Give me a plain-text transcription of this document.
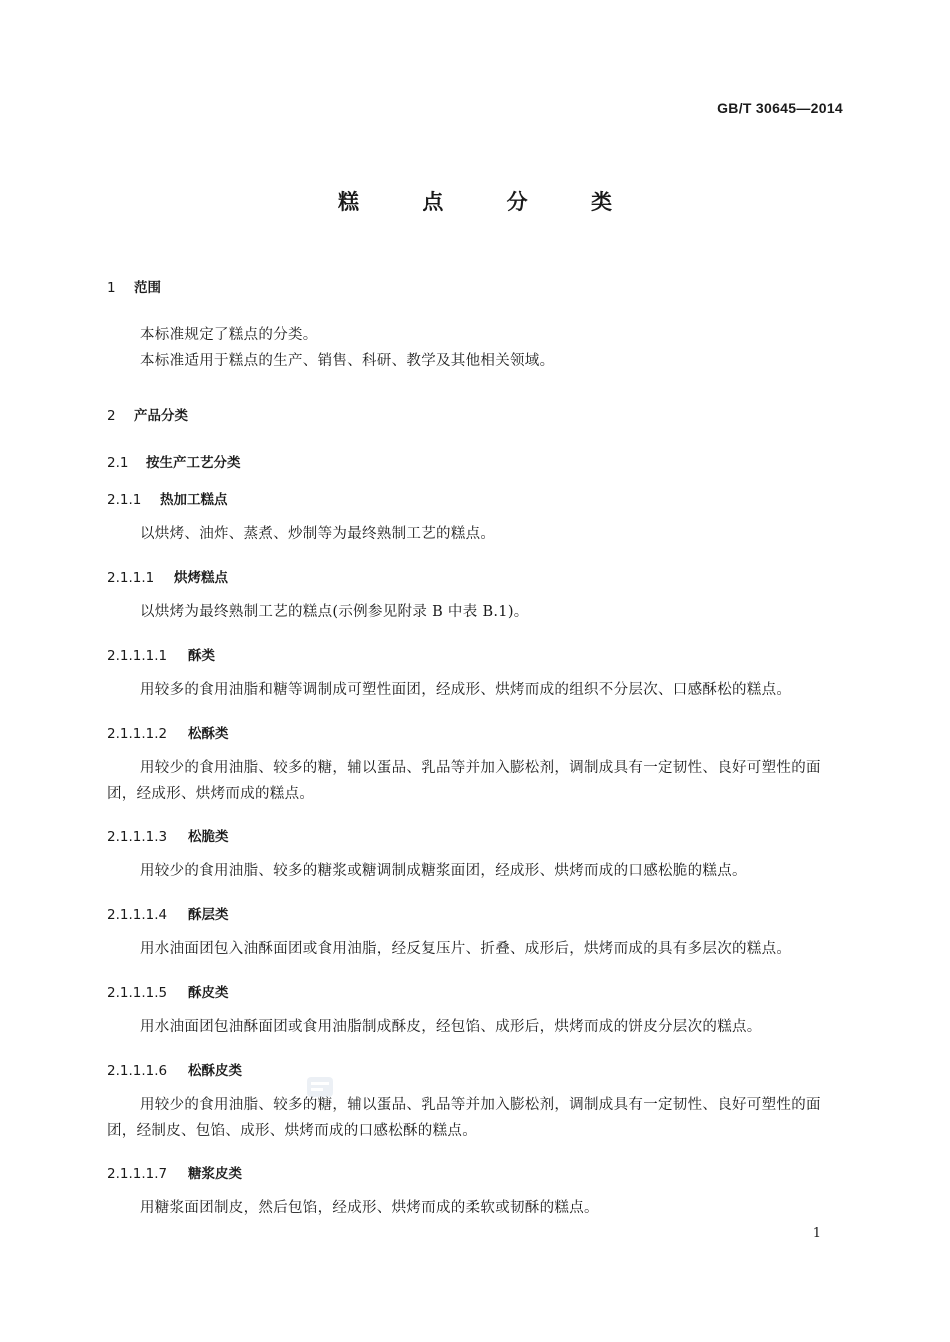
GB/T 30645—2014
糕 点 分 类
1 范围

本标准规定了糕点的分类。

本标准适用于糕点的生产、销售、科研、教学及其他相关领域。

2 产品分类
2.1 按生产工艺分类
2.1.1 热加工糕点

以烘烤、油炸、蒸煮、炒制等为最终熟制工艺的糕点。

2.1.1.1 烘烤糕点

以烘烤为最终熟制工艺的糕点(示例参见附录 B 中表 B.1)。

2.1.1.1.1 酥类

用较多的食用油脂和糖等调制成可塑性面团，经成形、烘烤而成的组织不分层次、口感酥松的糕点。

2.1.1.1.2 松酥类

用较少的食用油脂、较多的糖，辅以蛋品、乳品等并加入膨松剂，调制成具有一定韧性、良好可塑性的面团，经成形、烘烤而成的糕点。

2.1.1.1.3 松脆类

用较少的食用油脂、较多的糖浆或糖调制成糖浆面团，经成形、烘烤而成的口感松脆的糕点。

2.1.1.1.4 酥层类

用水油面团包入油酥面团或食用油脂，经反复压片、折叠、成形后，烘烤而成的具有多层次的糕点。

2.1.1.1.5 酥皮类

用水油面团包油酥面团或食用油脂制成酥皮，经包馅、成形后，烘烤而成的饼皮分层次的糕点。

2.1.1.1.6 松酥皮类

用较少的食用油脂、较多的糖，辅以蛋品、乳品等并加入膨松剂，调制成具有一定韧性、良好可塑性的面团，经制皮、包馅、成形、烘烤而成的口感松酥的糕点。

2.1.1.1.7 糖浆皮类

用糖浆面团制皮，然后包馅，经成形、烘烤而成的柔软或韧酥的糕点。

1
